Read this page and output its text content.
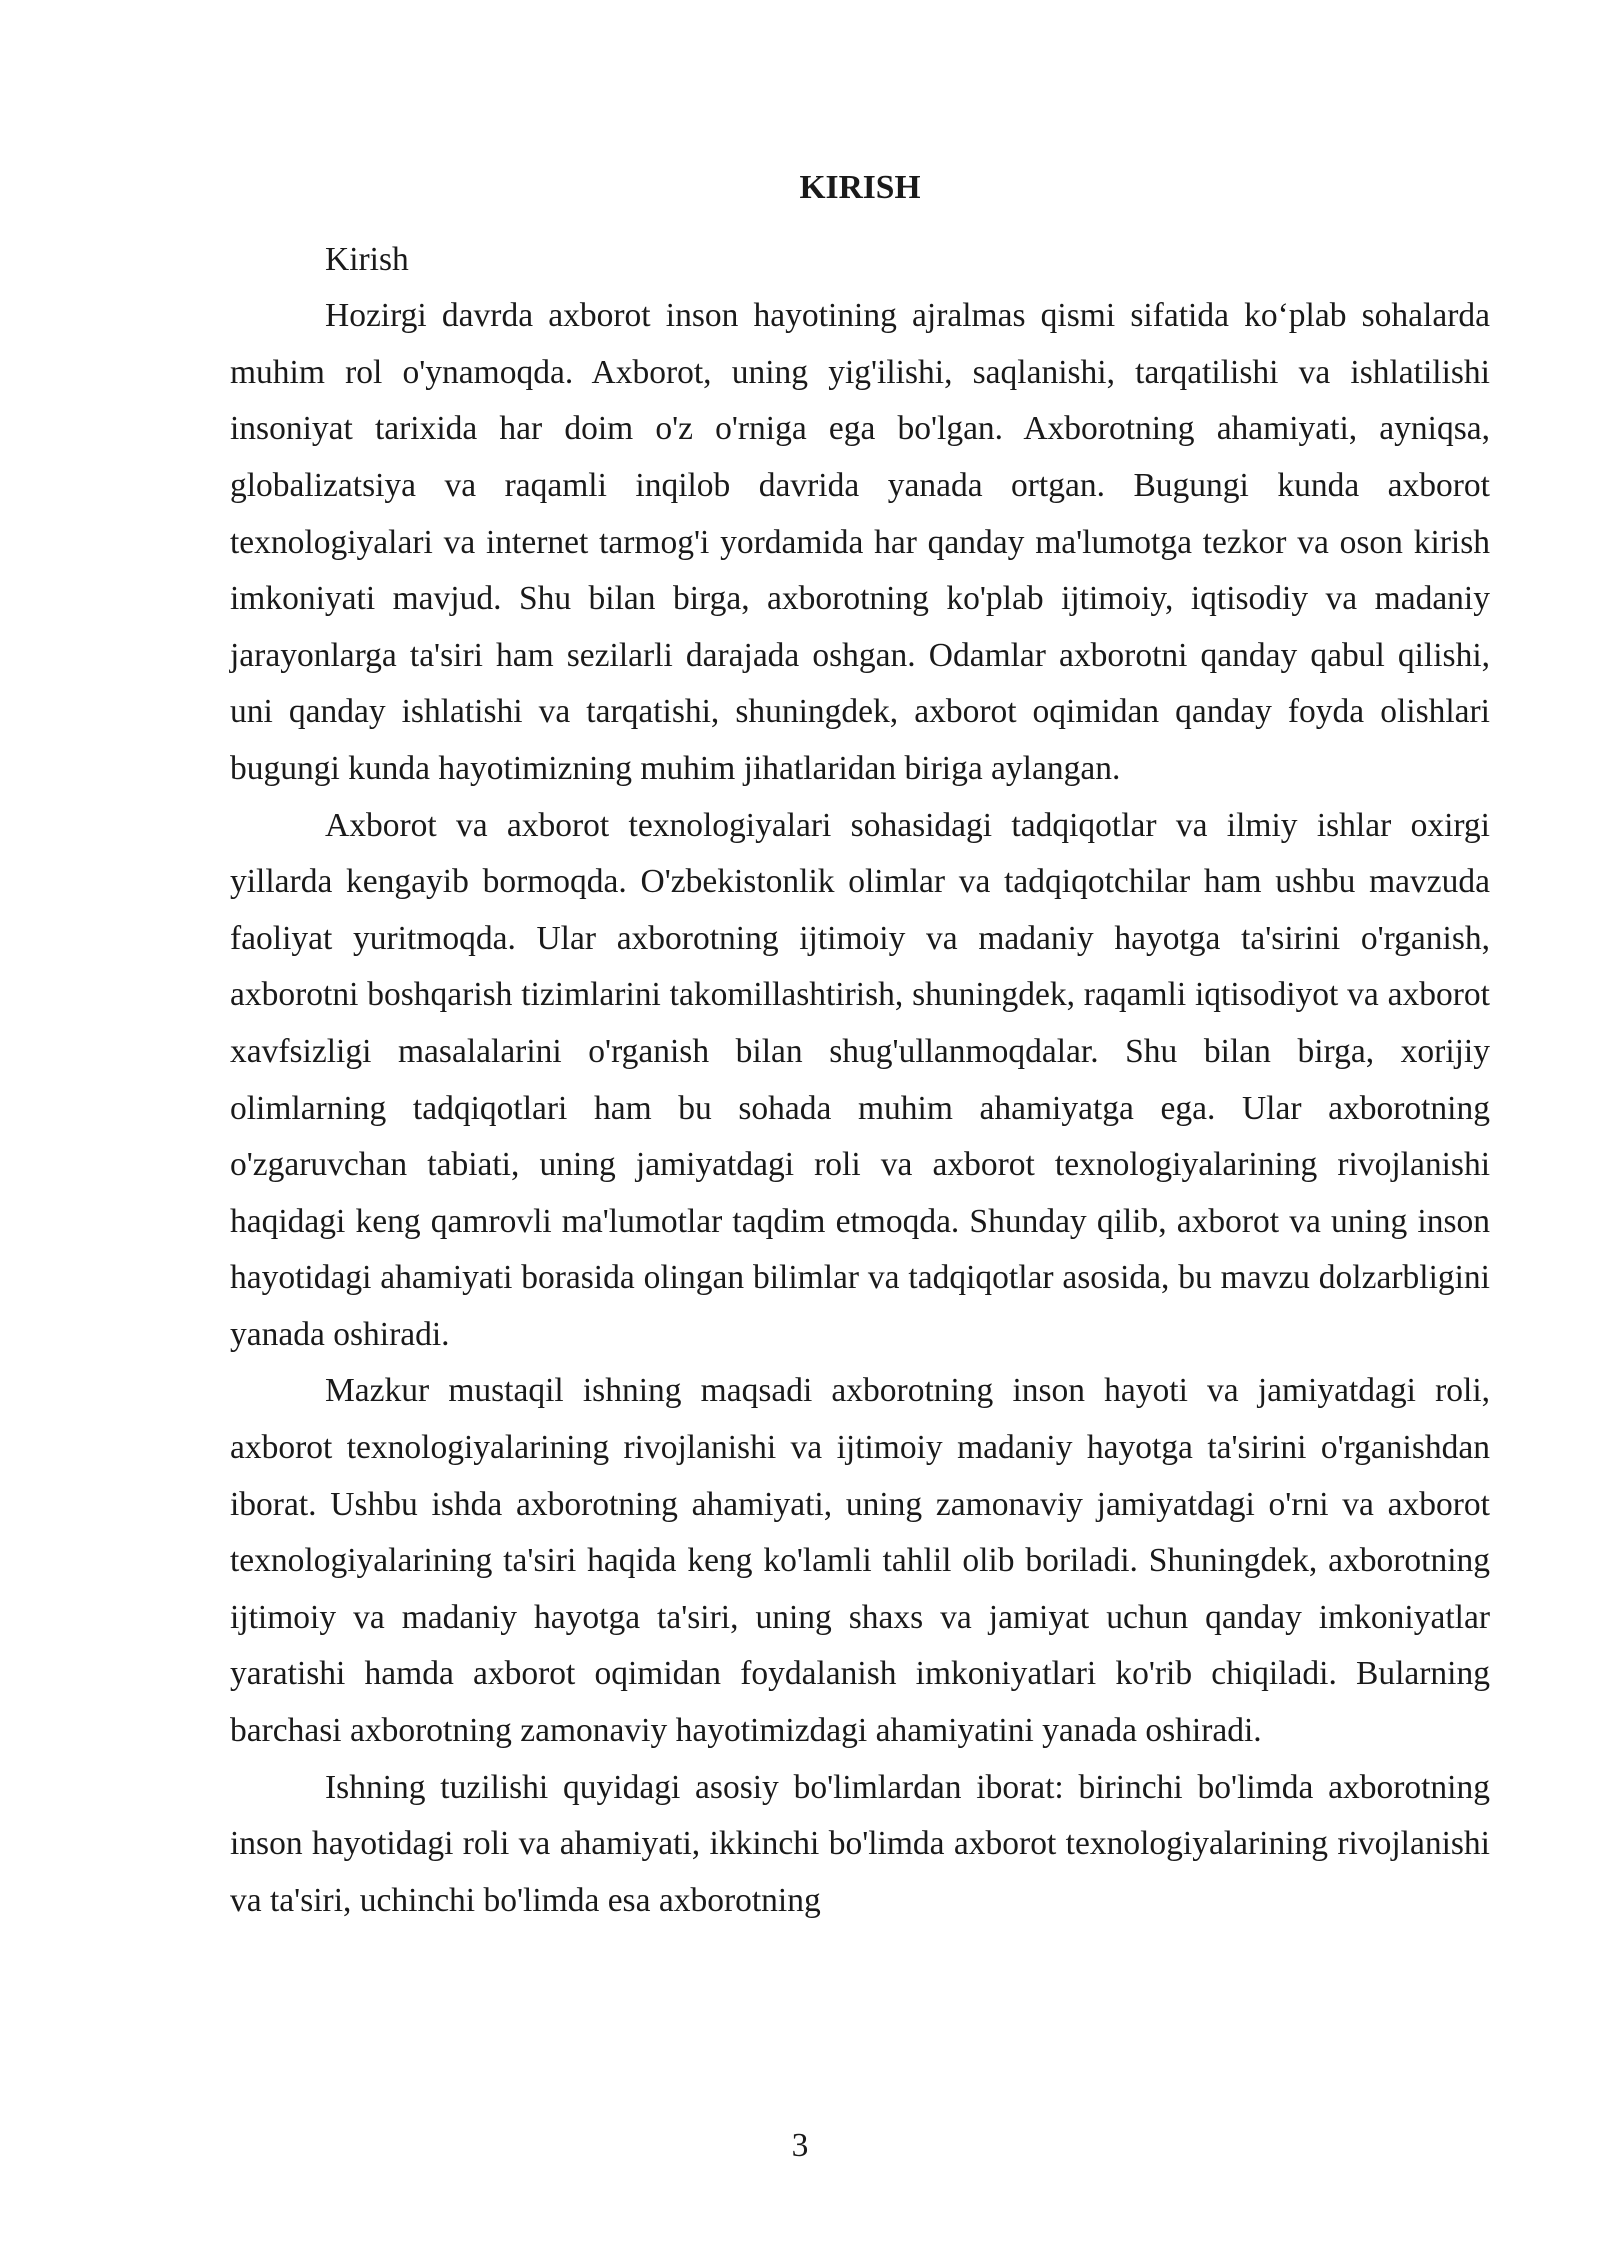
KIRISH

Kirish

Hozirgi davrda axborot inson hayotining ajralmas qismi sifatida ko‘plab sohalarda muhim rol o'ynamoqda. Axborot, uning yig'ilishi, saqlanishi, tarqatilishi va ishlatilishi insoniyat tarixida har doim o'z o'rniga ega bo'lgan. Axborotning ahamiyati, ayniqsa, globalizatsiya va raqamli inqilob davrida yanada ortgan. Bugungi kunda axborot texnologiyalari va internet tarmog'i yordamida har qanday ma'lumotga tezkor va oson kirish imkoniyati mavjud. Shu bilan birga, axborotning ko'plab ijtimoiy, iqtisodiy va madaniy jarayonlarga ta'siri ham sezilarli darajada oshgan. Odamlar axborotni qanday qabul qilishi, uni qanday ishlatishi va tarqatishi, shuningdek, axborot oqimidan qanday foyda olishlari bugungi kunda hayotimizning muhim jihatlaridan biriga aylangan.

Axborot va axborot texnologiyalari sohasidagi tadqiqotlar va ilmiy ishlar oxirgi yillarda kengayib bormoqda. O'zbekistonlik olimlar va tadqiqotchilar ham ushbu mavzuda faoliyat yuritmoqda. Ular axborotning ijtimoiy va madaniy hayotga ta'sirini o'rganish, axborotni boshqarish tizimlarini takomillashtirish, shuningdek, raqamli iqtisodiyot va axborot xavfsizligi masalalarini o'rganish bilan shug'ullanmoqdalar. Shu bilan birga, xorijiy olimlarning tadqiqotlari ham bu sohada muhim ahamiyatga ega. Ular axborotning o'zgaruvchan tabiati, uning jamiyatdagi roli va axborot texnologiyalarining rivojlanishi haqidagi keng qamrovli ma'lumotlar taqdim etmoqda. Shunday qilib, axborot va uning inson hayotidagi ahamiyati borasida olingan bilimlar va tadqiqotlar asosida, bu mavzu dolzarbligini yanada oshiradi.

Mazkur mustaqil ishning maqsadi axborotning inson hayoti va jamiyatdagi roli, axborot texnologiyalarining rivojlanishi va ijtimoiy madaniy hayotga ta'sirini o'rganishdan iborat. Ushbu ishda axborotning ahamiyati, uning zamonaviy jamiyatdagi o'rni va axborot texnologiyalarining ta'siri haqida keng ko'lamli tahlil olib boriladi. Shuningdek, axborotning ijtimoiy va madaniy hayotga ta'siri, uning shaxs va jamiyat uchun qanday imkoniyatlar yaratishi hamda axborot oqimidan foydalanish imkoniyatlari ko'rib chiqiladi. Bularning barchasi axborotning zamonaviy hayotimizdagi ahamiyatini yanada oshiradi.

Ishning tuzilishi quyidagi asosiy bo'limlardan iborat: birinchi bo'limda axborotning inson hayotidagi roli va ahamiyati, ikkinchi bo'limda axborot texnologiyalarining rivojlanishi va ta'siri, uchinchi bo'limda esa axborotning

3
